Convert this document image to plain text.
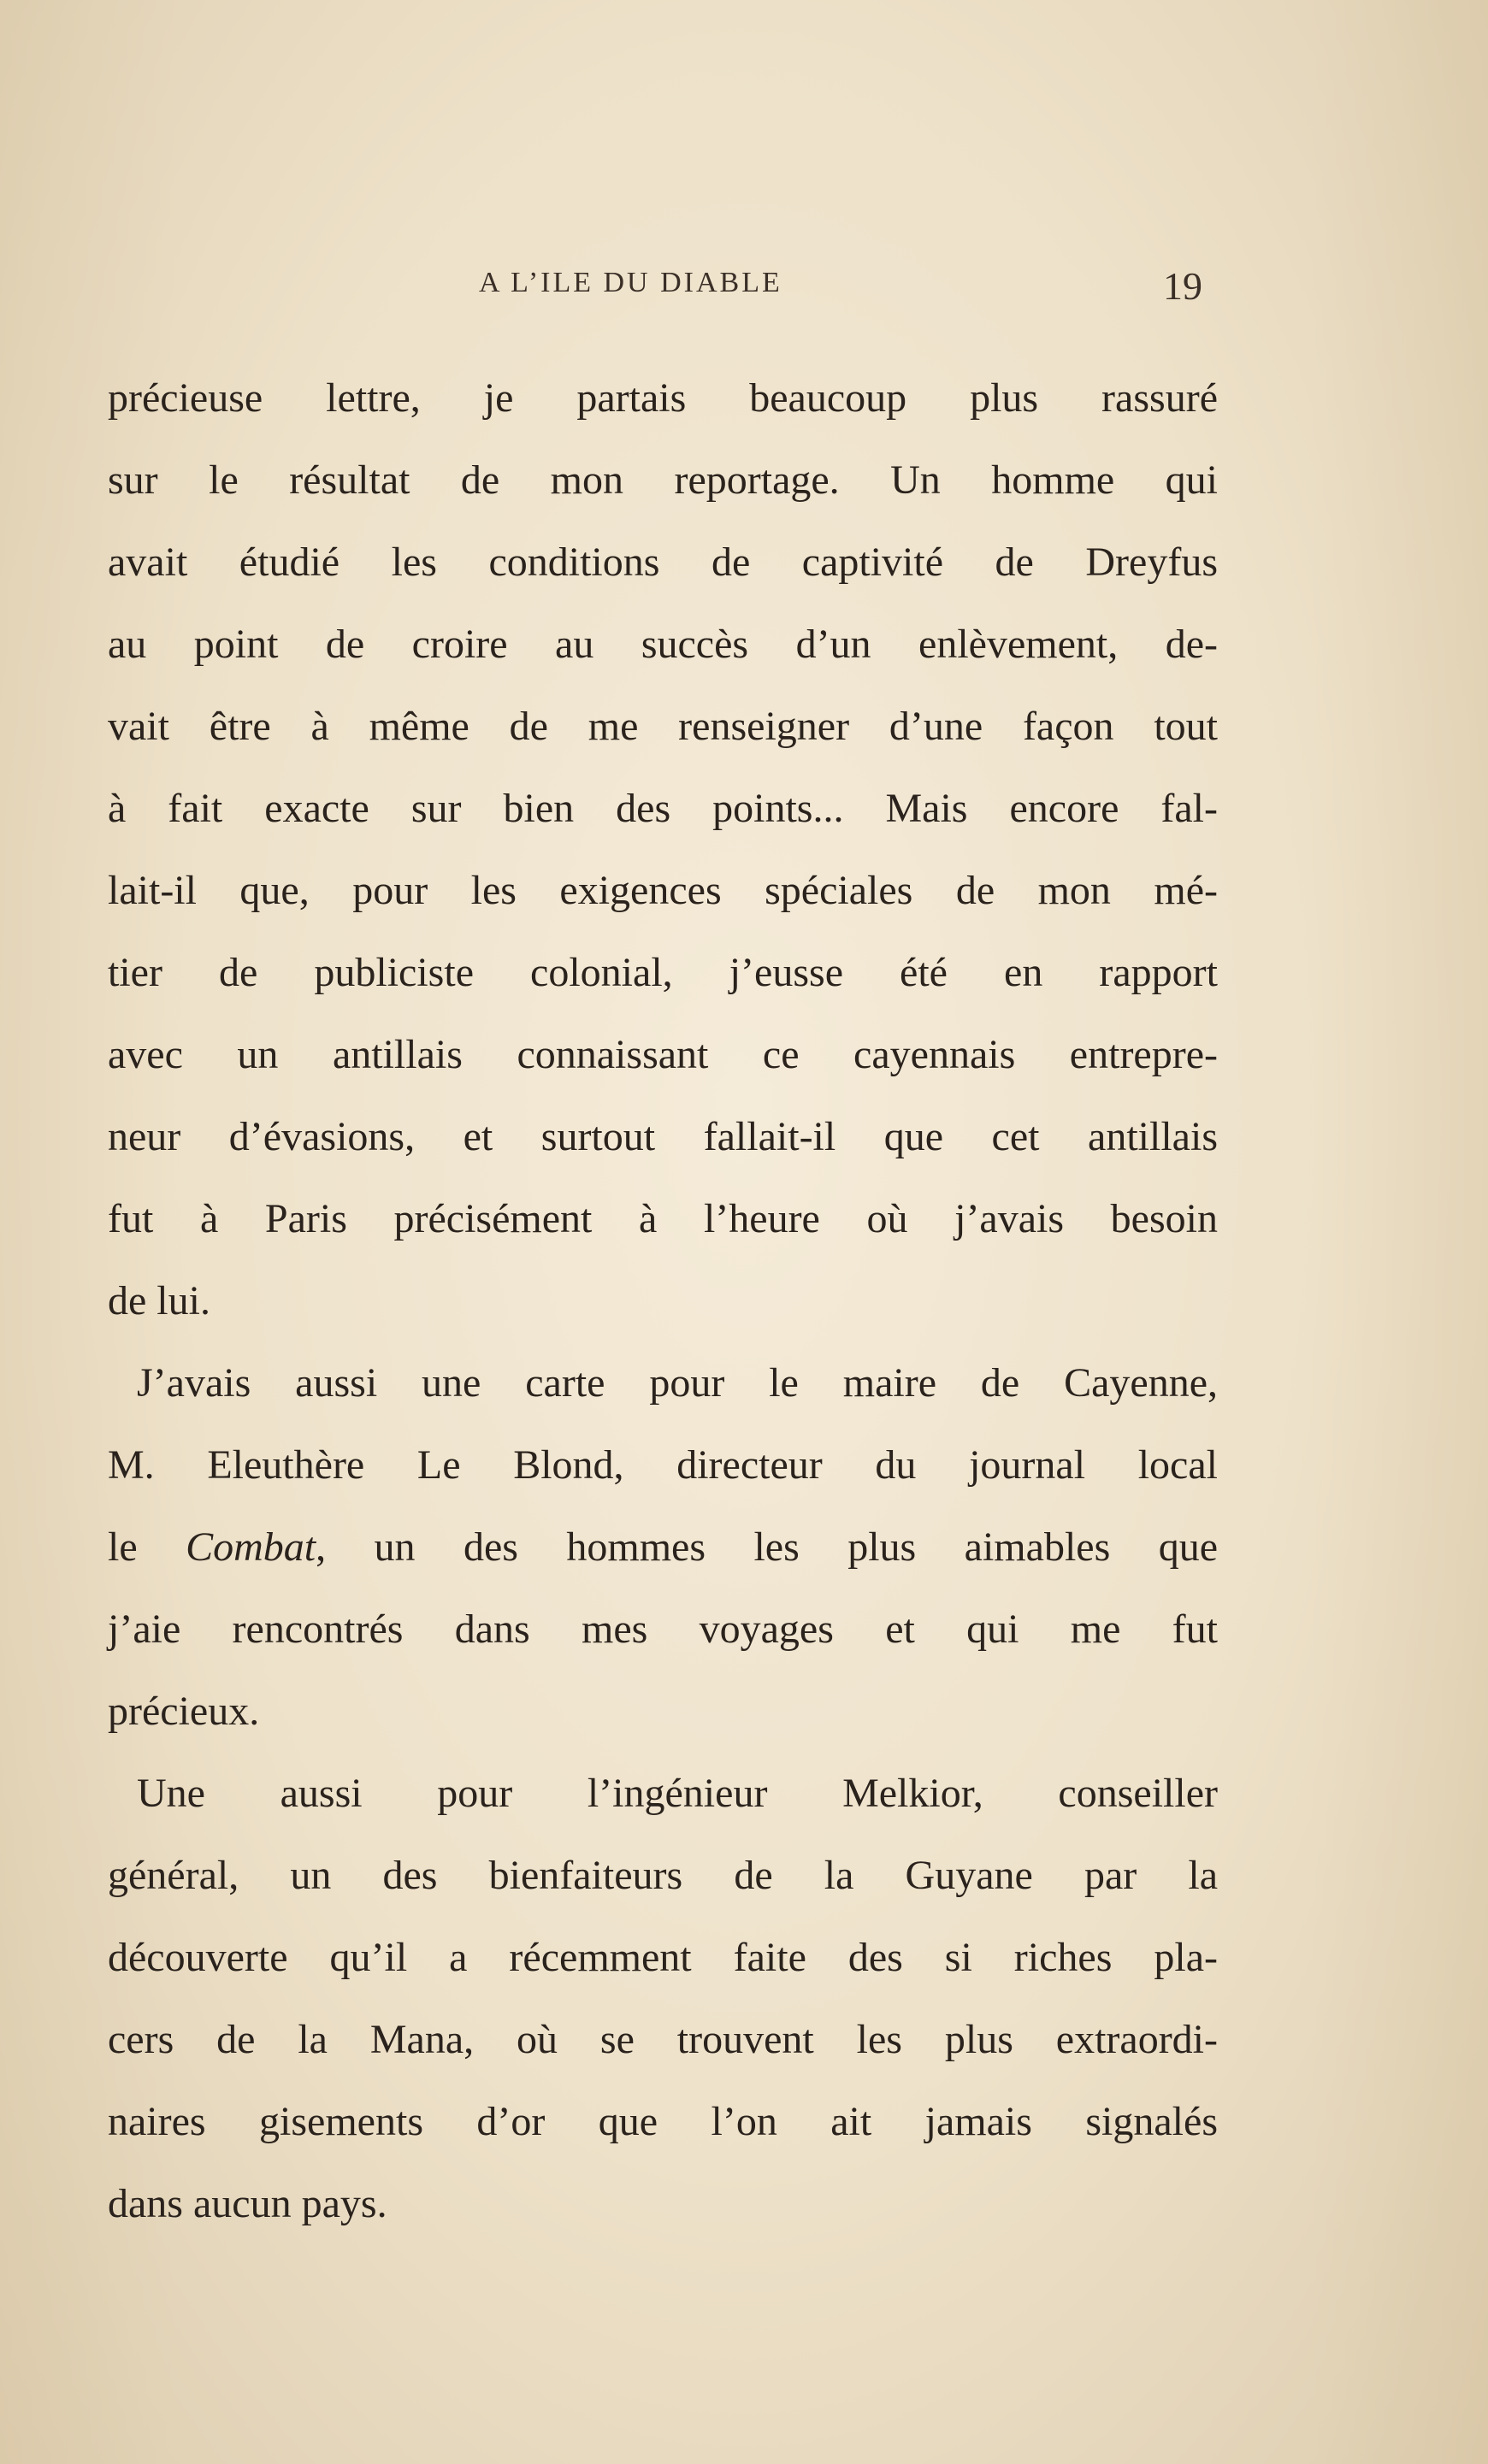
A L’ILE DU DIABLE	19
précieuse lettre, je partais beaucoup plus rassuré
sur le résultat de mon reportage. Un homme qui
avait étudié les conditions de captivité de Dreyfus
au point de croire au succès d’un enlèvement, de-
vait être à même de me renseigner d’une façon tout
à fait exacte sur bien des points... Mais encore fal-
lait-il que, pour les exigences spéciales de mon mé-
tier de publiciste colonial, j’eusse été en rapport
avec un antillais connaissant ce cayennais entrepre-
neur d’évasions, et surtout fallait-il que cet antillais
fut à Paris précisément à l’heure où j’avais besoin
de lui.
J’avais aussi une carte pour le maire de Cayenne,
M. Eleuthère Le Blond, directeur du journal local
le Combat, un des hommes les plus aimables que
j’aie rencontrés dans mes voyages et qui me fut
précieux.
Une aussi pour l’ingénieur Melkior, conseiller
général, un des bienfaiteurs de la Guyane par la
découverte qu’il a récemment faite des si riches pla-
cers de la Mana, où se trouvent les plus extraordi-
naires gisements d’or que l’on ait jamais signalés
dans aucun pays.
